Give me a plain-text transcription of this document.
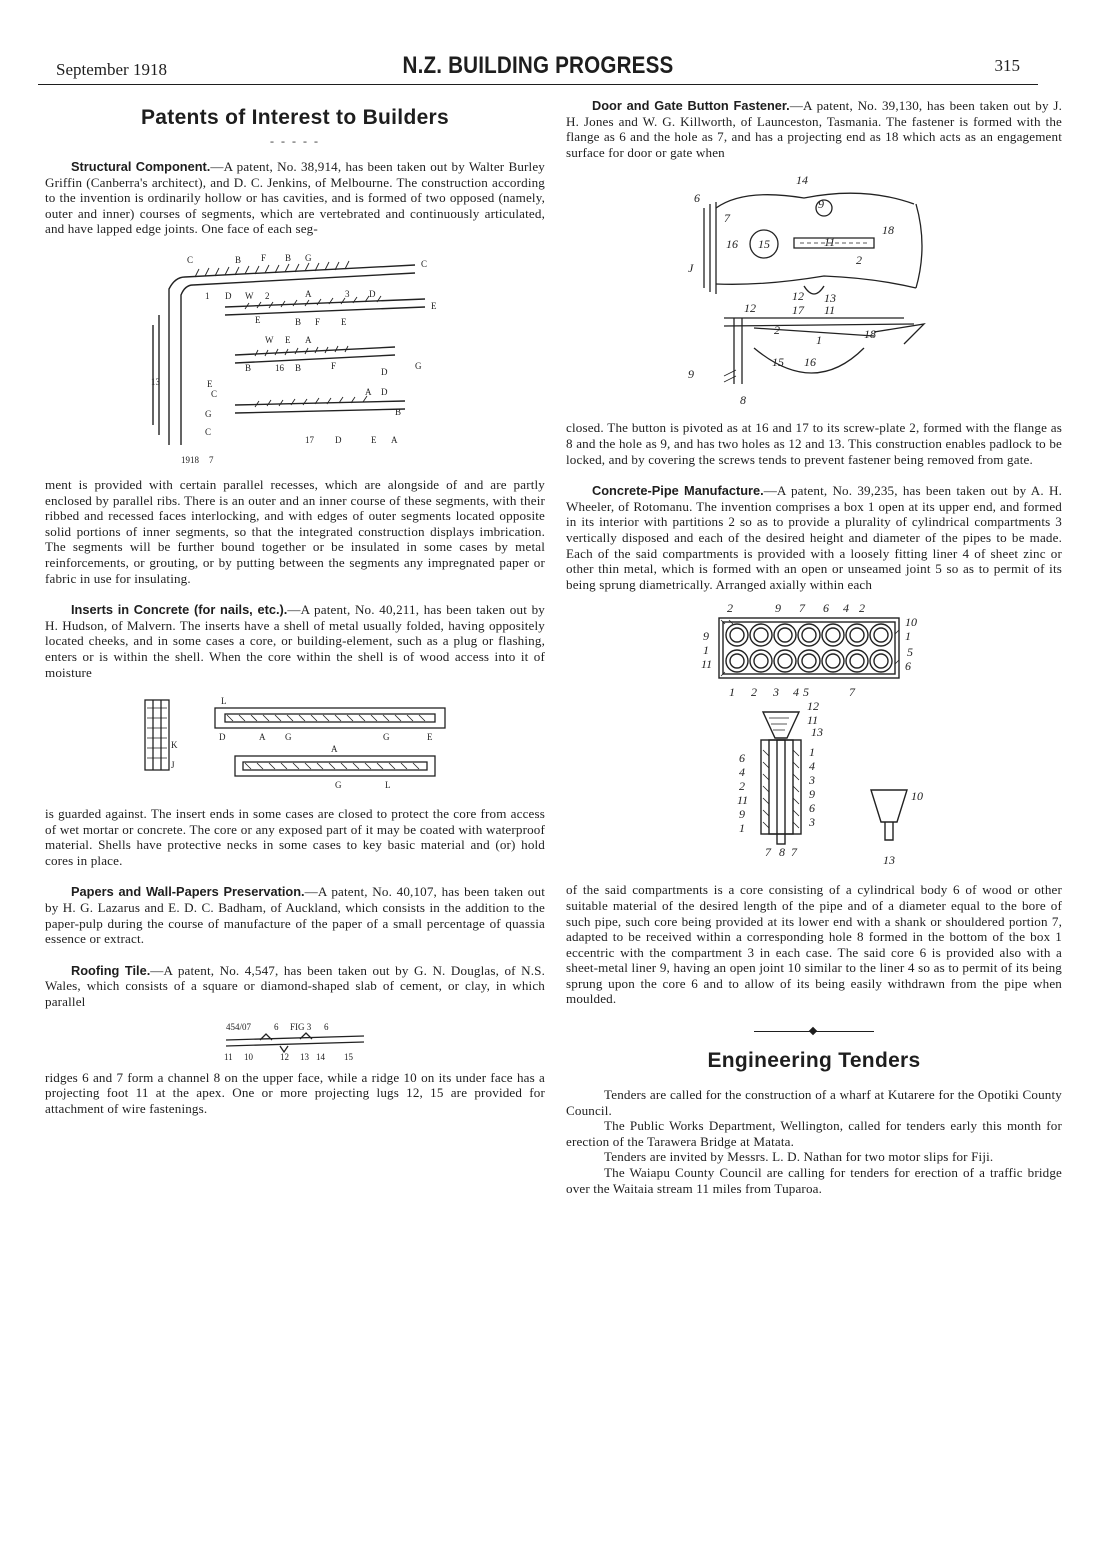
September 1918	N.Z. BUILDING PROGRESS	315
Patents of Interest to Builders
- - - - -

Structural Component.—A patent, No. 38,914, has been taken out by Walter Burley Griffin (Canberra's architect), and D. C. Jenkins, of Melbourne. The construction according to the invention is ordinarily hollow or has cavities, and is formed of two opposed (namely, outer and inner) courses of segments, which are vertebrated and continuously articulated, and have lapped edge joints. One face of each seg-

C	B F B G
C
1 D W 2	A	3 D
E	B F E
E
W E A
B	16 B	F
D
G
E
C	A D
G
C
B
17 D	E A
13
1918 7

ment is provided with certain parallel recesses, which are alongside of and are partly enclosed by parallel ribs. There is an outer and an inner course of these segments, with their ribbed and recessed faces interlocking, and with edges of outer segments located opposite solid portions of inner segments, so that the integrated construction displays imbrication. The segments will be further bound together or be insulated in some cases by metal reinforcements, or grouting, or by putting between the segments any impregnated paper or fabric in use for insulating.

Inserts in Concrete (for nails, etc.).—A patent, No. 40,211, has been taken out by H. Hudson, of Malvern. The inserts have a shell of metal usually folded, having oppositely located cheeks, and in some cases a core, or building-element, such as a plug or flashing, enters or is within the shell. When the core within the shell is of wood access into it of moisture

L
D	A G	G	E
A
G	L
K
J

is guarded against. The insert ends in some cases are closed to protect the core from access of wet mortar or concrete. The core or any exposed part of it may be coated with waterproof material. Shells have protective necks in some cases to key basic material and (or) hold cores in place.

Papers and Wall-Papers Preservation.—A patent, No. 40,107, has been taken out by H. G. Lazarus and E. D. C. Badham, of Auckland, which consists in the addition to the paper-pulp during the course of manufacture of the paper of a small percentage of quassia essence or extract.

Roofing Tile.—A patent, No. 4,547, has been taken out by G. N. Douglas, of N.S. Wales, which consists of a square or diamond-shaped slab of cement, or clay, in which parallel

454/07	6 FIG 3 6
11 10	12 13 14 15

ridges 6 and 7 form a channel 8 on the upper face, while a ridge 10 on its under face has a projecting foot 11 at the apex. One or more projecting lugs 12, 15 are provided for attachment of wire fastenings.

Door and Gate Button Fastener.—A patent, No. 39,130, has been taken out by J. H. Jones and W. G. Killworth, of Launceston, Tasmania. The fastener is formed with the flange as 6 and the hole as 7, and has a projecting end as 18 which acts as an engagement surface for door or gate when

14
9
6
7
16 15	11
18
2
12 13
J
12	17 11
2	18
1
15 16
9
8

closed. The button is pivoted as at 16 and 17 to its screw-plate 2, formed with the flange as 8 and the hole as 9, and has two holes as 12 and 13. This construction enables padlock to be locked, and by covering the screws tends to prevent fastener being removed from gate.

Concrete-Pipe Manufacture.—A patent, No. 39,235, has been taken out by A. H. Wheeler, of Rotomanu. The invention comprises a box 1 open at its upper end, and formed in its interior with partitions 2 so as to provide a plurality of cylindrical compartments 3 vertically disposed and each of the desired height and diameter of the pipes to be made. Each of the said compartments is provided with a loosely fitting liner 4 of sheet zinc or other thin metal, which is formed with an open or unseamed joint 5 so as to permit of its being sprung diametrically. Arranged axially within each

2	9 7 6 4 2
10
1
5
6
9
1
11
1 2 3 4 5	7
12
11
13
6
4
2
11
9
1
1
4
3
9
6
3
7 8 7
13
10

of the said compartments is a core consisting of a cylindrical body 6 of wood or other suitable material of the desired length of the pipe and of a diameter equal to the bore of such pipe, such core being provided at its lower end with a shank or shouldered portion 7, adapted to be received within a corresponding hole 8 formed in the bottom of the box 1 eccentric with the compartment 3 in each case. The said core 6 is provided also with a sheet-metal liner 9, having an open joint 10 similar to the liner 4 so as to permit of its being sprung upon the core 6 and to allow of its being easily withdrawn from the pipe when moulded.

Engineering Tenders

Tenders are called for the construction of a wharf at Kutarere for the Opotiki County Council.

The Public Works Department, Wellington, called for tenders early this month for erection of the Tarawera Bridge at Matata.

Tenders are invited by Messrs. L. D. Nathan for two motor slips for Fiji.

The Waiapu County Council are calling for tenders for erection of a traffic bridge over the Waitaia stream 11 miles from Tuparoa.
